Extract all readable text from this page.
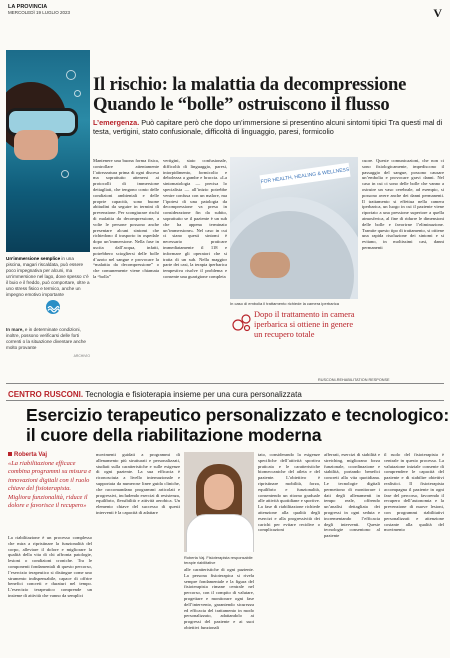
LA PROVINCIA
MERCOLEDÌ 19 LUGLIO 2023	V
Il rischio: la malattia da decompressione
Quando le “bolle” ostruiscono il flusso
L’emergenza. Può capitare però che dopo un’immersione si presentino alcuni sintomi tipici Tra questi mal di testa, vertigini, stato confusionale, difficoltà di linguaggio, paresi, formicolio
Un’immersione semplice in una piscina, magari riscaldata, può essere poco impegnativa per alcuni, ma un’immersione nel lago, dove spesso c’è il buio e il freddo, può comportare, oltre a uno stress fisico e termico, anche un impegno emotivo importante
In mare, e in determinate condizioni, inoltre, possono verificarsi delle forti correnti o la situazione diventare anche molto provante
ARCHIVIO
Mantenere una buona forma fisica, controllare attentamente l’attrezzatura prima di ogni discesa ma soprattutto attenersi ai protocolli di immersione dettagliati, che tengono conto delle condizioni ambientali e delle proprie capacità, sono buone abitudini da seguire in termini di prevenzione. Per scongiurare rischi di malattia da decompressione, a volte le persone possono anche presentare alcuni sintomi che richiedono il trasporto in ospedale dopo un’immersione. Nella fase in uscita dall’acqua, infatti, potrebbero sciogliersi delle bolle d’azoto nel sangue e provocare la “malattia da decompressione” o che comunemente viene chiamata la “bolla”
vertigini, stato confusionale, difficoltà di linguaggio, paresi, intorpidimento, formicolio e debolezza a gambe e braccia. «La sintomatologia — precisa lo specialista — all’inizio potrebbe venire confusa con un malore, ma l’ipotesi di una patologia da decompressione va presa in considerazione fin da subito, soprattutto se il paziente è un sub che ha appena terminato un’immersione». Nel caso in cui ci siano questi sintomi è necessario praticare immediatamente il 118 e informare gli operatori che si tratta di un sub. Nella maggior parte dei casi, la terapia iperbarica tempestiva risolve il problema e consente una guarigione completa
cuore. Queste comunicazioni, che non ci sono fisiologicamente, impediscono il passaggio del sangue, possono causare un’embolia e provocare gravi danni. Nel caso in cui ci sono delle bolle che vanno a ostruire un vaso cerebrale, ad esempio, si possono avere anche dei danni permanenti. Il trattamento si effettua nella camera iperbarica, un luogo in cui il paziente viene riportato a una pressione superiore a quella atmosferica, al fine di ridurre le dimensioni delle bolle e favorirne l’eliminazione. Tramite questo tipo di trattamento, si ottiene una rapida risoluzione dei sintomi e si evitano, in moltissimi casi, danni permanenti
FOR HEALTH, HEALING & WELLNESS
In caso di embolia il trattamento richiede la camera iperbarica
Dopo il trattamento in camera iperbarica si ottiene in genere un recupero totale
RUSCONI-REHABILITATION RESPONSE
CENTRO RUSCONI. Tecnologia e fisioterapia insieme per una cura personalizzata
Esercizio terapeutico personalizzato e tecnologico:
il cuore della riabilitazione moderna
Roberta Vaj
«La riabilitazione efficace combina programmi su misura e innovazioni digitali con il ruolo chiave del fisioterapista. Migliora funzionalità, riduce il dolore e favorisce il recupero»
La riabilitazione è un processo complesso che mira a ripristinare la funzionalità del corpo, alleviare il dolore e migliorare la qualità della vita di chi affronta patologie, lesioni o condizioni croniche. Tra le componenti fondamentali di questo percorso, l’esercizio terapeutico si distingue come uno strumento indispensabile, capace di offrire benefici concreti e duraturi nel tempo. L’esercizio terapeutico comprende un insieme di attività che vanno da semplici
movimenti guidati a programmi di allenamento più strutturati e personalizzati, studiati sulla caratteristiche e sulle esigenze di ogni paziente. La sua efficacia è riconosciuta a livello internazionale e supportata da numerose linee guida cliniche, che raccomandano programmi articolati e progressivi, includendo esercizi di resistenza, equilibrio, flessibilità e attività aerobica. Un elemento chiave del successo di questi interventi è la capacità di adattare
alle caratteristiche di ogni paziente. La persona fisioterapica si rivela sempre fondamentale e la figura del fisioterapista rimane centrale nel percorso, con il compito di valutare, progettare e monitorare ogni fase dell’intervento, garantendo sicurezza ed efficacia del trattamento in modo personalizzato, adattandolo ai progressi del paziente e ai suoi obiettivi funzionali
tato, considerando la esigenze specifiche dell’attività sportiva praticata e le caratteristiche biomeccaniche del atleta e del paziente. L’obiettivo è ripristinare mobilità, forza, equilibrio e funzionalità, consentendo un ritorno graduale alle attività quotidiane e sportive. La fase di riabilitazione richiede attenzione alla qualità degli esercizi e alla progressività dei carichi per evitare recidive o complicazioni
afferrati, esercizi di stabilità e stretching, migliorano forza funzionale, coordinazione e stabilità, portando benefici concreti alla vita quotidiana. Le tecnologie digitali permettono di monitorare i dati degli allenamenti in tempo reale, offrendo un’analisi dettagliata dei progressi in ogni seduta e incrementando l’efficacia degli interventi. Queste tecnologie consentono al paziente
il ruolo del fisioterapista è centrale in questo processo. La valutazione iniziale consente di comprendere le capacità del paziente e di stabilire obiettivi realistici. Il fisioterapista accompagna il paziente in ogni fase del percorso, favorendo il recupero dell’autonomia e la prevenzione di nuove lesioni, con programmi riabilitativi personalizzati e attenzione costante alla qualità del movimento
Roberta Vaj. Fisioterapista responsabile terapie riabilitative
